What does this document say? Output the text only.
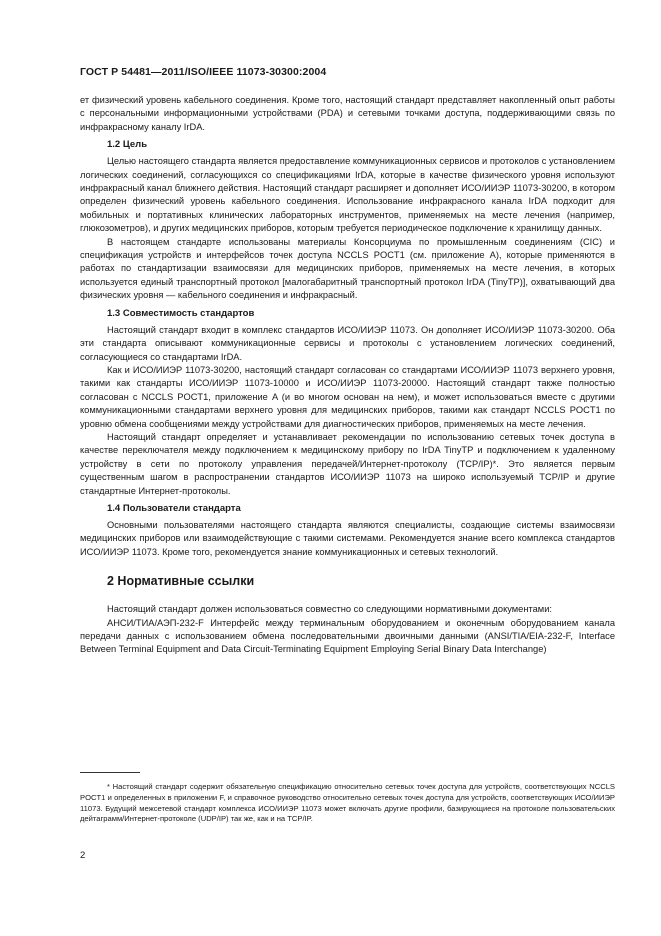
ГОСТ Р 54481—2011/ISO/IEEE 11073-30300:2004

ет физический уровень кабельного соединения. Кроме того, настоящий стандарт представляет накопленный опыт работы с персональными информационными устройствами (PDA) и сетевыми точками доступа, поддерживающими связь по инфракрасному каналу IrDA.

1.2 Цель

Целью настоящего стандарта является предоставление коммуникационных сервисов и протоколов с установлением логических соединений, согласующихся со спецификациями IrDA, которые в качестве физического уровня используют инфракрасный канал ближнего действия. Настоящий стандарт расширяет и дополняет ИСО/ИИЭР 11073-30200, в котором определен физический уровень кабельного соединения. Использование инфракрасного канала IrDA подходит для мобильных и портативных клинических лабораторных инструментов, применяемых на месте лечения (например, глюкозометров), и других медицинских приборов, которым требуется периодическое подключение к хранилищу данных.

В настоящем стандарте использованы материалы Консорциума по промышленным соединениям (CIC) и спецификация устройств и интерфейсов точек доступа NCCLS POCT1 (см. приложение A), которые применяются в работах по стандартизации взаимосвязи для медицинских приборов, применяемых на месте лечения, в которых используется единый транспортный протокол [малогабаритный транспортный протокол IrDA (TinyTP)], охватывающий два физических уровня — кабельного соединения и инфракрасный.

1.3 Совместимость стандартов

Настоящий стандарт входит в комплекс стандартов ИСО/ИИЭР 11073. Он дополняет ИСО/ИИЭР 11073-30200. Оба эти стандарта описывают коммуникационные сервисы и протоколы с установлением логических соединений, согласующиеся со стандартами IrDA.

Как и ИСО/ИИЭР 11073-30200, настоящий стандарт согласован со стандартами ИСО/ИИЭР 11073 верхнего уровня, такими как стандарты ИСО/ИИЭР 11073-10000 и ИСО/ИИЭР 11073-20000. Настоящий стандарт также полностью согласован с NCCLS POCT1, приложение A (и во многом основан на нем), и может использоваться вместе с другими коммуникационными стандартами верхнего уровня для медицинских приборов, такими как стандарт NCCLS POCT1 по уровню обмена сообщениями между устройствами для диагностических приборов, применяемых на месте лечения.

Настоящий стандарт определяет и устанавливает рекомендации по использованию сетевых точек доступа в качестве переключателя между подключением к медицинскому прибору по IrDA TinyTP и подключением к удаленному устройству в сети по протоколу управления передачей/Интернет-протоколу (TCP/IP)*. Это является первым существенным шагом в распространении стандартов ИСО/ИИЭР 11073 на широко используемый TCP/IP и другие стандартные Интернет-протоколы.

1.4 Пользователи стандарта

Основными пользователями настоящего стандарта являются специалисты, создающие системы взаимосвязи медицинских приборов или взаимодействующие с такими системами. Рекомендуется знание всего комплекса стандартов ИСО/ИИЭР 11073. Кроме того, рекомендуется знание коммуникационных и сетевых технологий.

2 Нормативные ссылки

Настоящий стандарт должен использоваться совместно со следующими нормативными документами:

АНСИ/ТИА/АЭП-232-F Интерфейс между терминальным оборудованием и оконечным оборудованием канала передачи данных с использованием обмена последовательными двоичными данными (ANSI/TIA/EIA-232-F, Interface Between Terminal Equipment and Data Circuit-Terminating Equipment Employing Serial Binary Data Interchange)

* Настоящий стандарт содержит обязательную спецификацию относительно сетевых точек доступа для устройств, соответствующих NCCLS POCT1 и определенных в приложении F, и справочное руководство относительно сетевых точек доступа для устройств, соответствующих ИСО/ИИЭР 11073. Будущий межсетевой стандарт комплекса ИСО/ИИЭР 11073 может включать другие профили, базирующиеся на протоколе пользовательских дейтаграмм/Интернет-протоколе (UDP/IP) так же, как и на TCP/IP.

2
